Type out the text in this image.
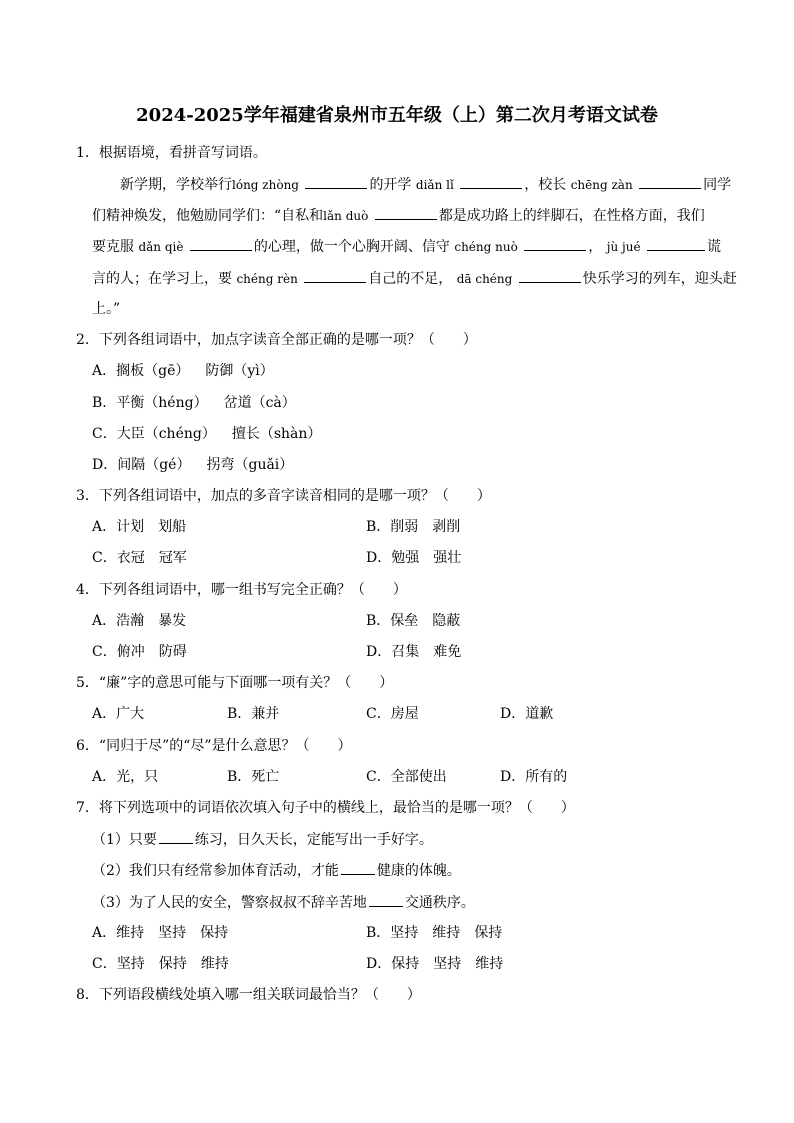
2024-2025学年福建省泉州市五年级（上）第二次月考语文试卷
1．根据语境，看拼音写词语。
新学期，学校举行lóng zhòng	的开学 diǎn lǐ	，校长 chēng zàn	同学
们精神焕发，他勉励同学们：“自私和lǎn duò	都是成功路上的绊脚石，在性格方面，我们
要克服 dǎn qiè	的心理，做一个心胸开阔、信守 chéng nuò	， jù jué	谎
言的人；在学习上，要 chéng rèn	自己的不足， dā chéng	快乐学习的列车，迎头赶
上。”
2．下列各组词语中，加点字读音全部正确的是哪一项？（　　）
A．搁板（gē） 防御（yì）
B．平衡（héng） 岔道（cà）
C．大臣（chéng） 擅长（shàn）
D．间隔（gé） 拐弯（guǎi）
3．下列各组词语中，加点的多音字读音相同的是哪一项？（　　）
A．计划　划船	B．削弱　剥削
C．衣冠　冠军	D．勉强　强壮
4．下列各组词语中，哪一组书写完全正确？（　　）
A．浩瀚　暴发	B．保垒　隐蔽
C．俯冲　防碍	D．召集　难免
5．“廉”字的意思可能与下面哪一项有关？（　　）
A．广大	B．兼并	C．房屋	D．道歉
6．“同归于尽”的“尽”是什么意思？（　　）
A．光，只	B．死亡	C．全部使出	D．所有的
7．将下列选项中的词语依次填入句子中的横线上，最恰当的是哪一项？（　　）
（1）只要	练习，日久天长，定能写出一手好字。
（2）我们只有经常参加体育活动，才能	健康的体魄。
（3）为了人民的安全，警察叔叔不辞辛苦地	交通秩序。
A．维持　坚持　保持	B．坚持　维持　保持
C．坚持　保持　维持	D．保持　坚持　维持
8．下列语段横线处填入哪一组关联词最恰当？（　　）
